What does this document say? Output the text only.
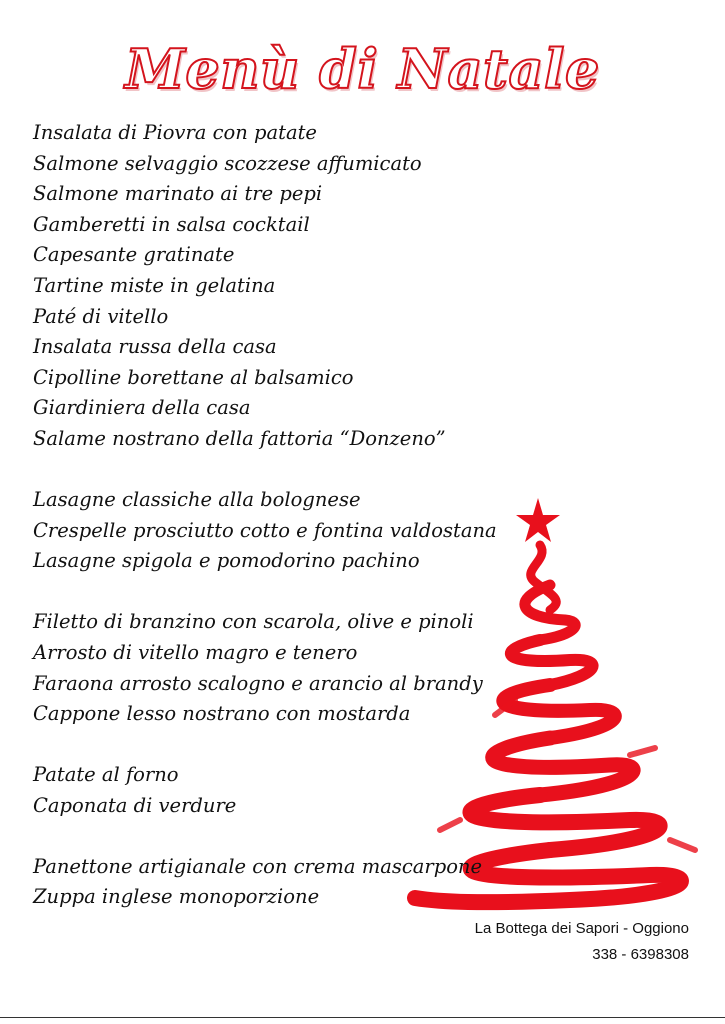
Menù di Natale
Insalata di Piovra con patate
Salmone selvaggio scozzese affumicato
Salmone marinato ai tre pepi
Gamberetti in salsa cocktail
Capesante gratinate
Tartine miste in gelatina
Paté di vitello
Insalata russa della casa
Cipolline borettane al balsamico
Giardiniera della casa
Salame nostrano della fattoria “Donzeno”
Lasagne classiche alla bolognese
Crespelle prosciutto cotto e fontina valdostana
Lasagne spigola e pomodorino pachino
Filetto di branzino con scarola, olive e pinoli
Arrosto di vitello magro e tenero
Faraona arrosto scalogno e arancio al brandy
Cappone lesso nostrano con mostarda
Patate al forno
Caponata di verdure
Panettone artigianale con crema mascarpone
Zuppa inglese monoporzione
La Bottega dei Sapori - Oggiono
338 - 6398308
